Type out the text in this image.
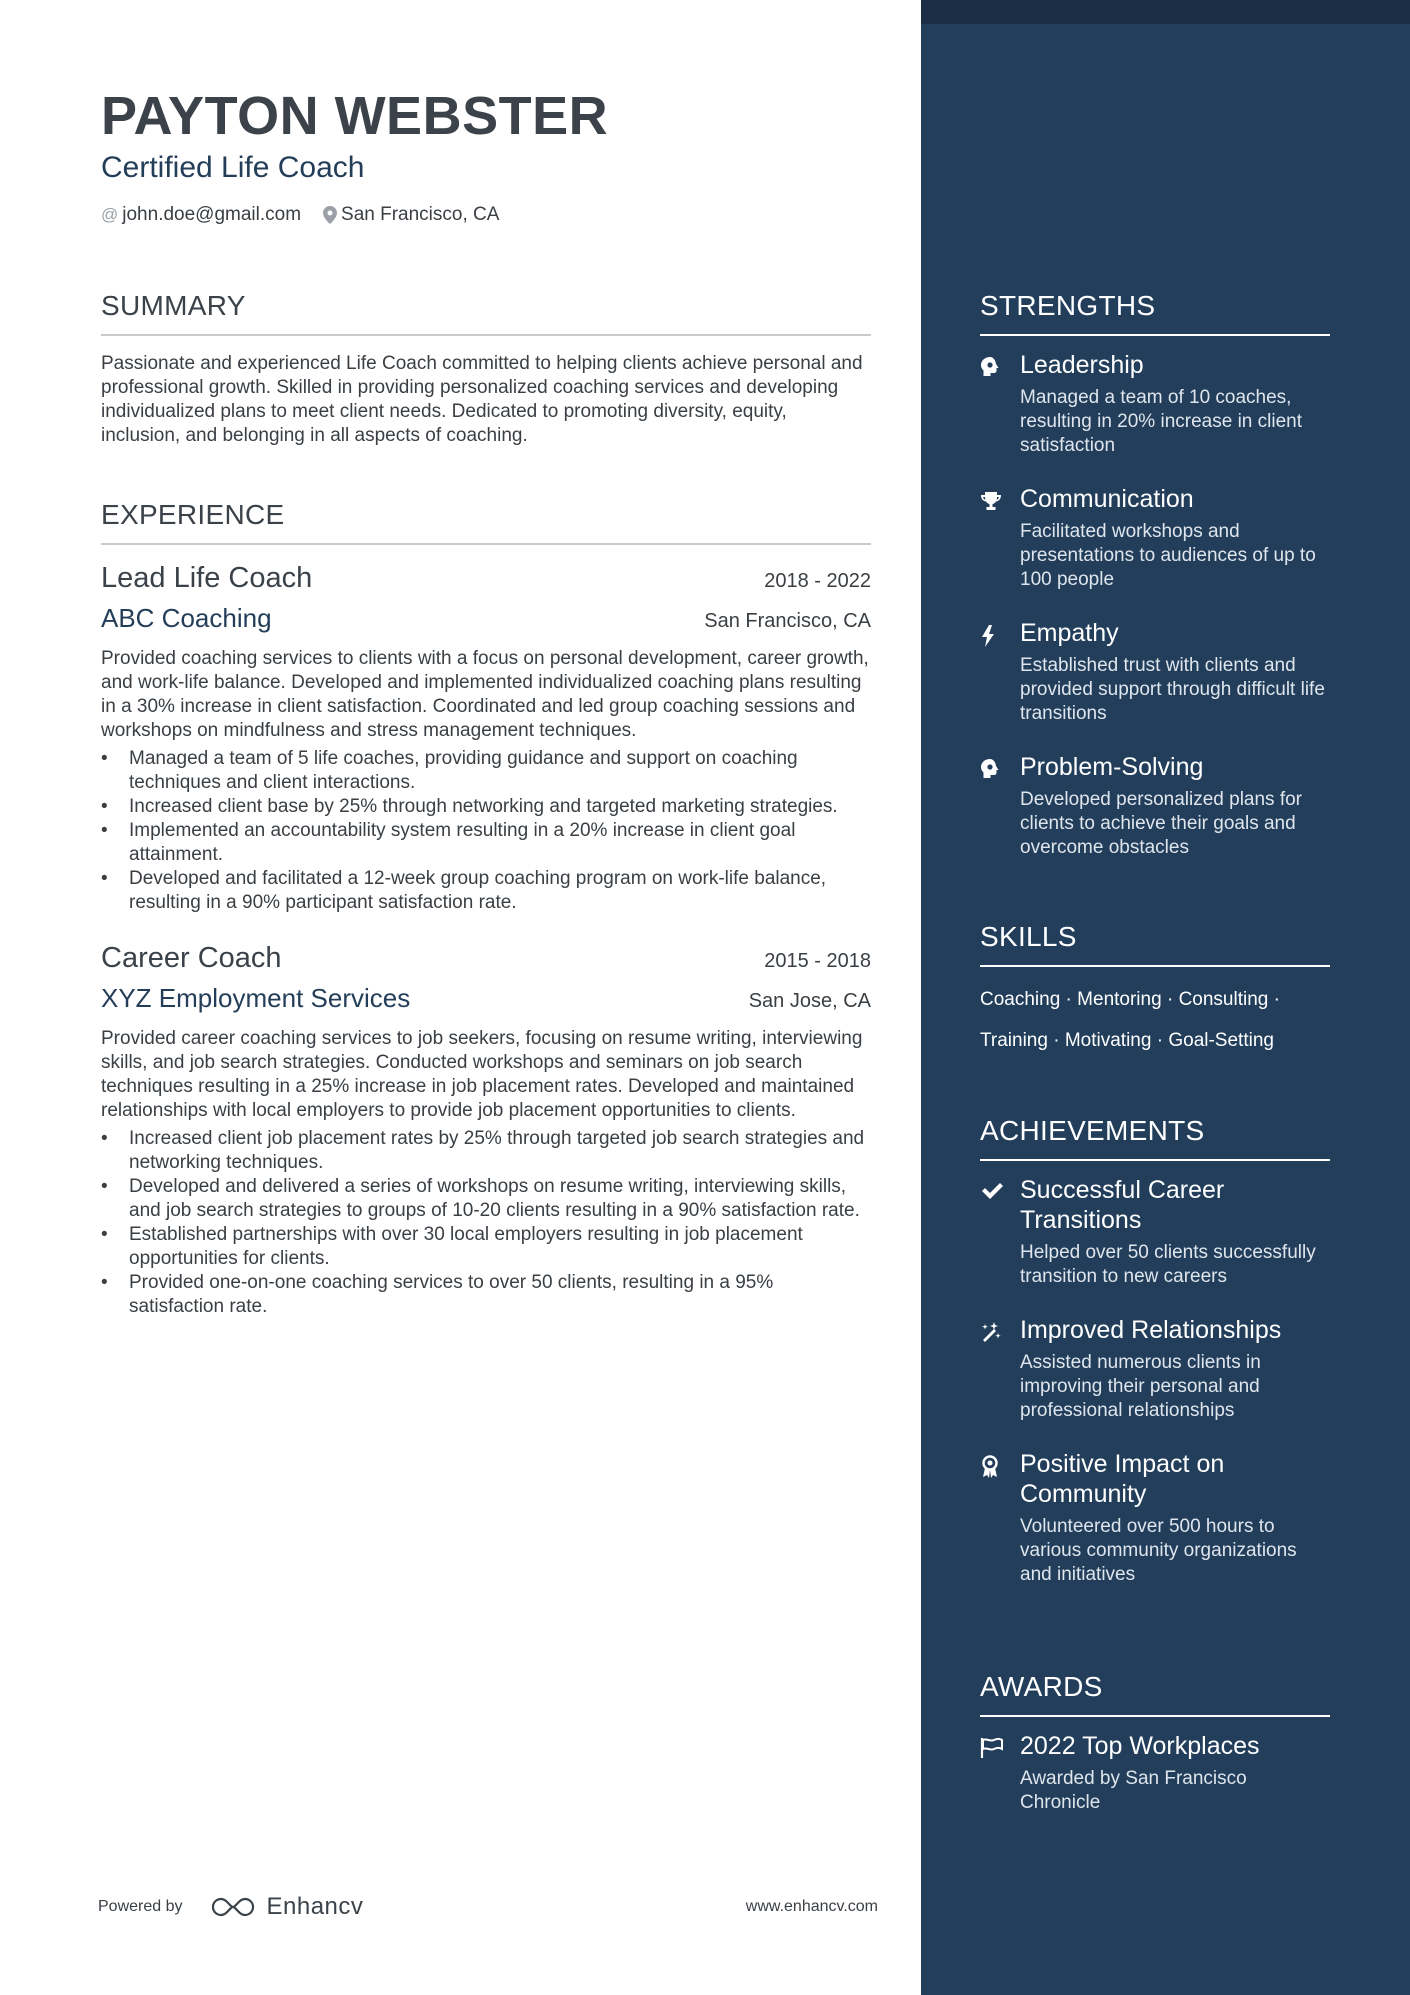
PAYTON WEBSTER
Certified Life Coach
@ john.doe@gmail.com San Francisco, CA
SUMMARY
Passionate and experienced Life Coach committed to helping clients achieve personal and professional growth. Skilled in providing personalized coaching services and developing individualized plans to meet client needs. Dedicated to promoting diversity, equity, inclusion, and belonging in all aspects of coaching.
EXPERIENCE
Lead Life Coach	2018 - 2022
ABC Coaching	San Francisco, CA
Provided coaching services to clients with a focus on personal development, career growth, and work-life balance. Developed and implemented individualized coaching plans resulting in a 30% increase in client satisfaction. Coordinated and led group coaching sessions and workshops on mindfulness and stress management techniques.
• Managed a team of 5 life coaches, providing guidance and support on coaching techniques and client interactions.
• Increased client base by 25% through networking and targeted marketing strategies.
• Implemented an accountability system resulting in a 20% increase in client goal attainment.
• Developed and facilitated a 12-week group coaching program on work-life balance, resulting in a 90% participant satisfaction rate.
Career Coach	2015 - 2018
XYZ Employment Services	San Jose, CA
Provided career coaching services to job seekers, focusing on resume writing, interviewing skills, and job search strategies. Conducted workshops and seminars on job search techniques resulting in a 25% increase in job placement rates. Developed and maintained relationships with local employers to provide job placement opportunities to clients.
• Increased client job placement rates by 25% through targeted job search strategies and networking techniques.
• Developed and delivered a series of workshops on resume writing, interviewing skills, and job search strategies to groups of 10-20 clients resulting in a 90% satisfaction rate.
• Established partnerships with over 30 local employers resulting in job placement opportunities for clients.
• Provided one-on-one coaching services to over 50 clients, resulting in a 95% satisfaction rate.
Powered by	Enhancv	www.enhancv.com
STRENGTHS
Leadership
Managed a team of 10 coaches, resulting in 20% increase in client satisfaction
Communication
Facilitated workshops and presentations to audiences of up to 100 people
Empathy
Established trust with clients and provided support through difficult life transitions
Problem-Solving
Developed personalized plans for clients to achieve their goals and overcome obstacles
SKILLS
Coaching · Mentoring · Consulting ·
Training · Motivating · Goal-Setting
ACHIEVEMENTS
Successful Career Transitions
Helped over 50 clients successfully transition to new careers
Improved Relationships
Assisted numerous clients in improving their personal and professional relationships
Positive Impact on Community
Volunteered over 500 hours to various community organizations and initiatives
AWARDS
2022 Top Workplaces
Awarded by San Francisco Chronicle
